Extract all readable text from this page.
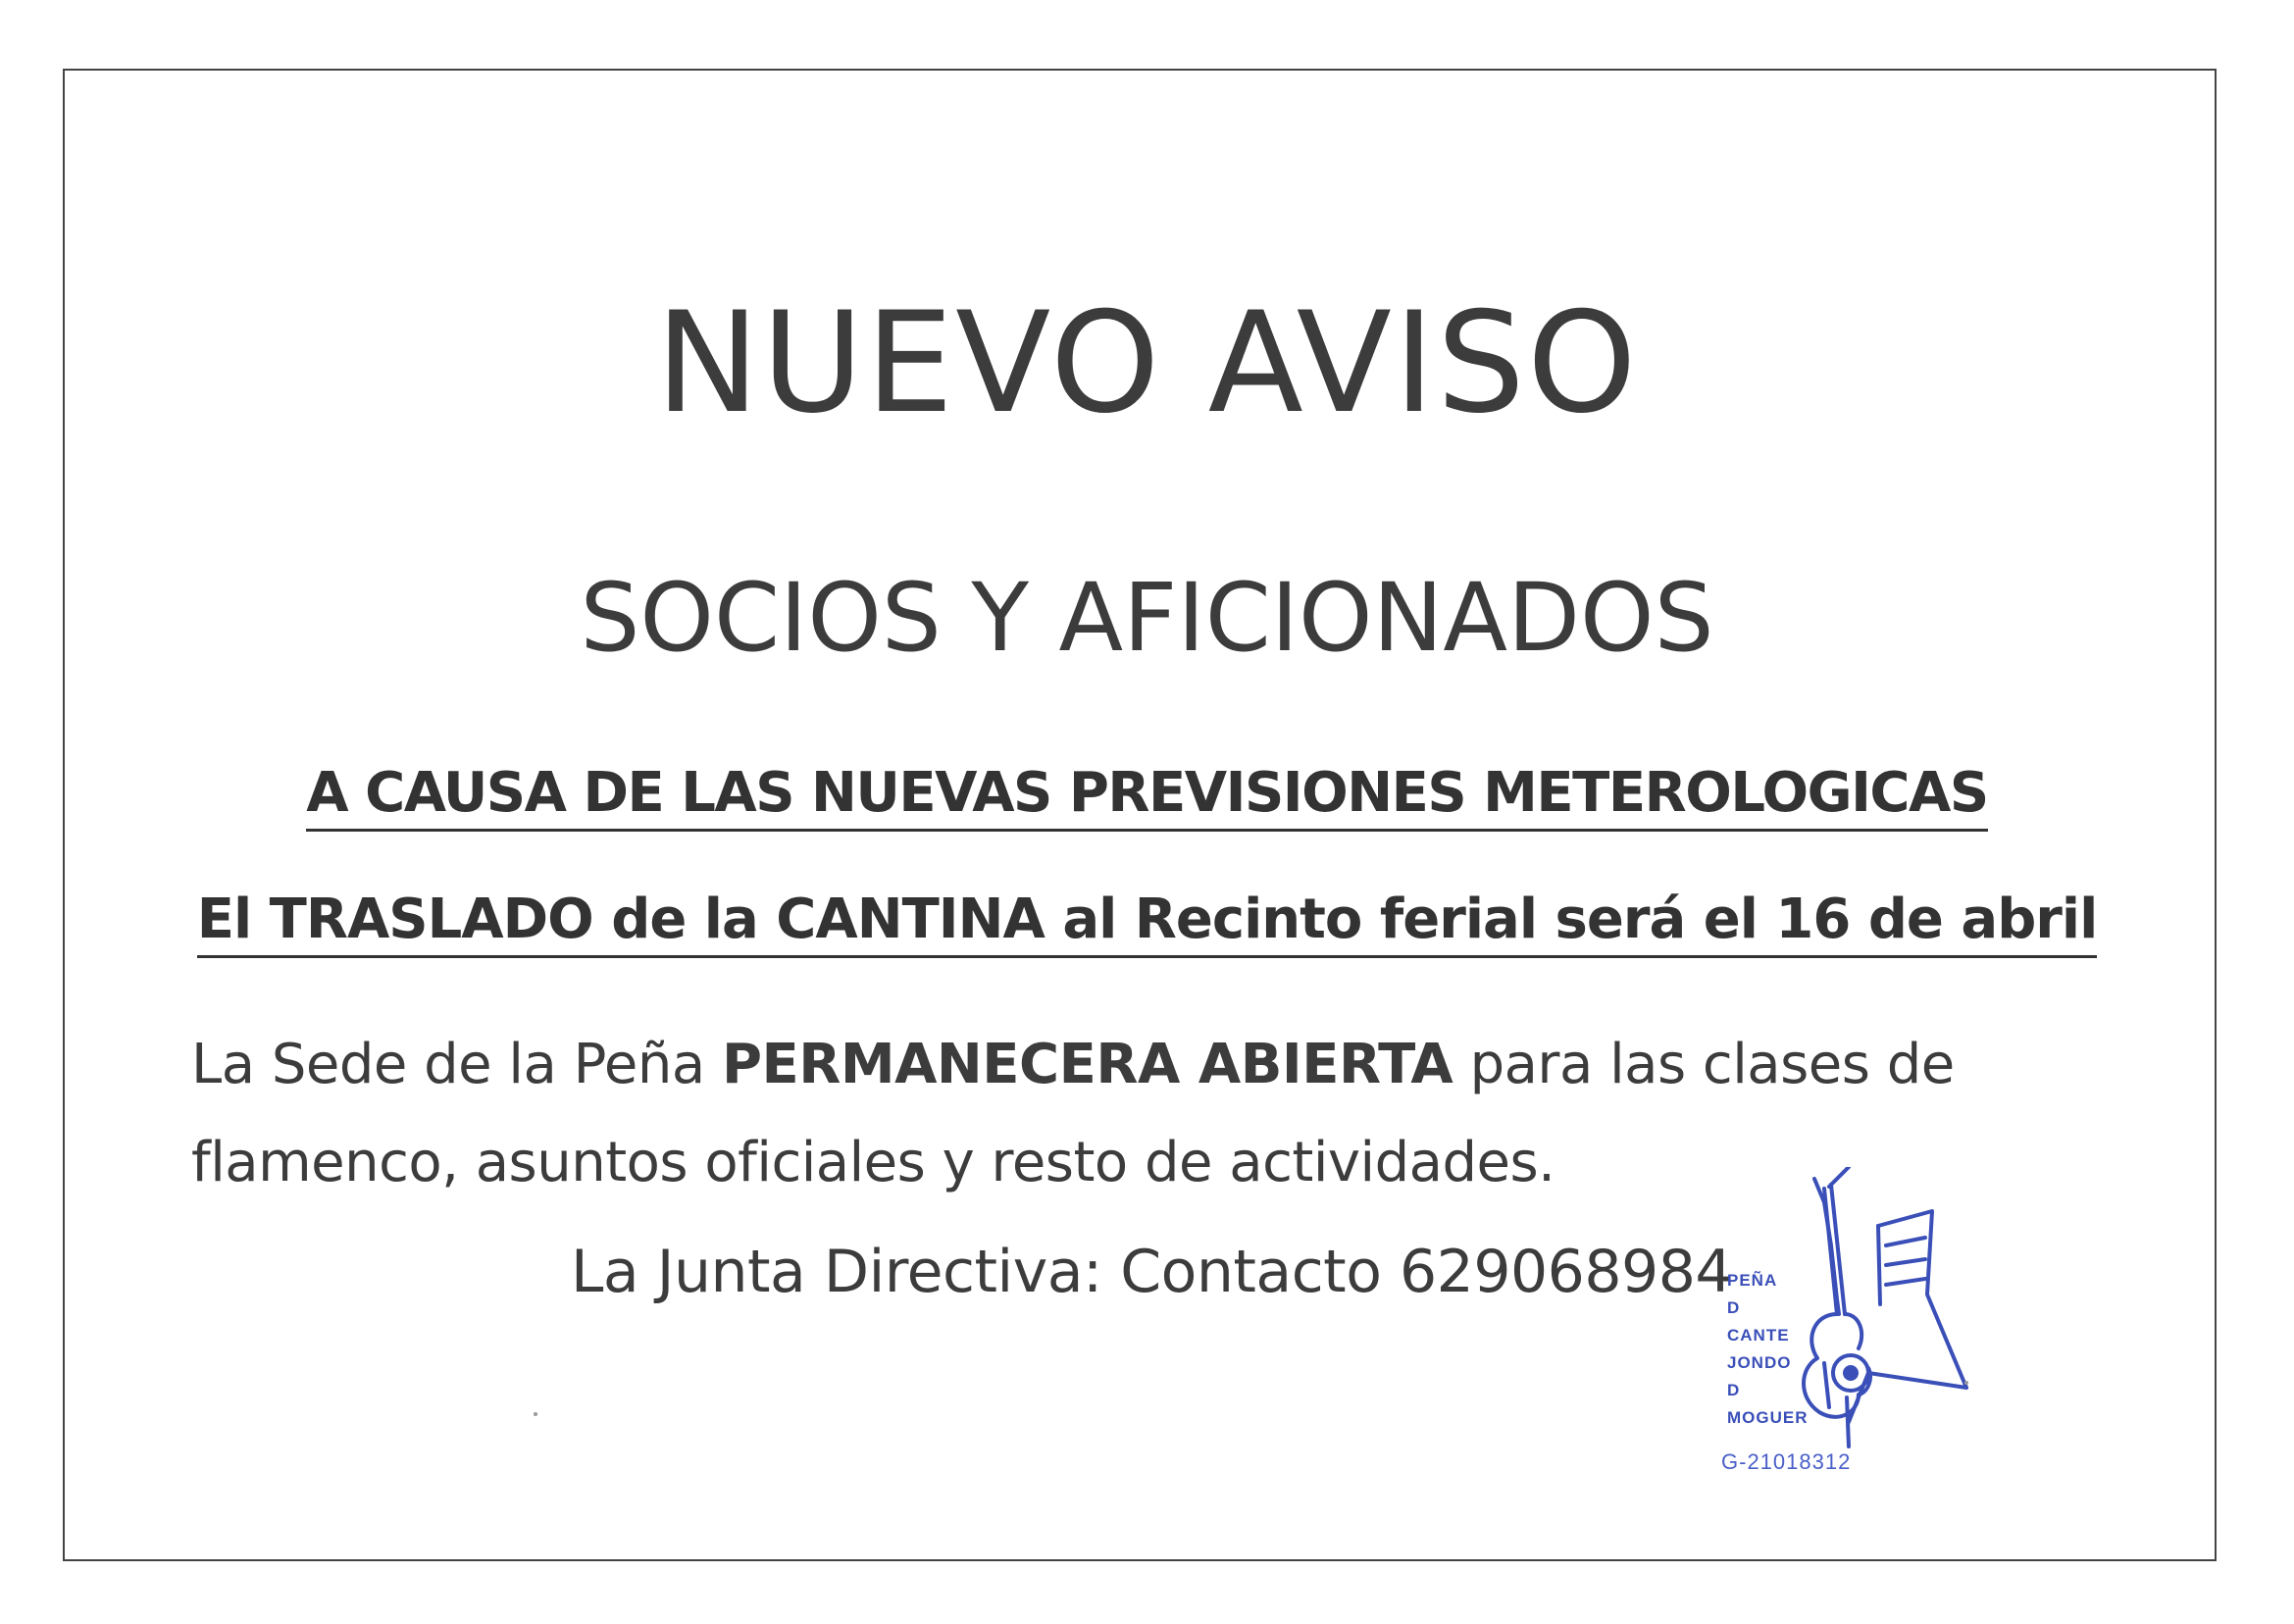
NUEVO AVISO
SOCIOS Y AFICIONADOS
A CAUSA DE LAS NUEVAS PREVISIONES METEROLOGICAS
El TRASLADO de la CANTINA al Recinto ferial será el 16 de abril
La Sede de la Peña PERMANECERA ABIERTA para las clases de
flamenco, asuntos oficiales y resto de actividades.
La Junta Directiva: Contacto 629068984
PEÑA
D
CANTE
JONDO
D
MOGUER
G-21018312
